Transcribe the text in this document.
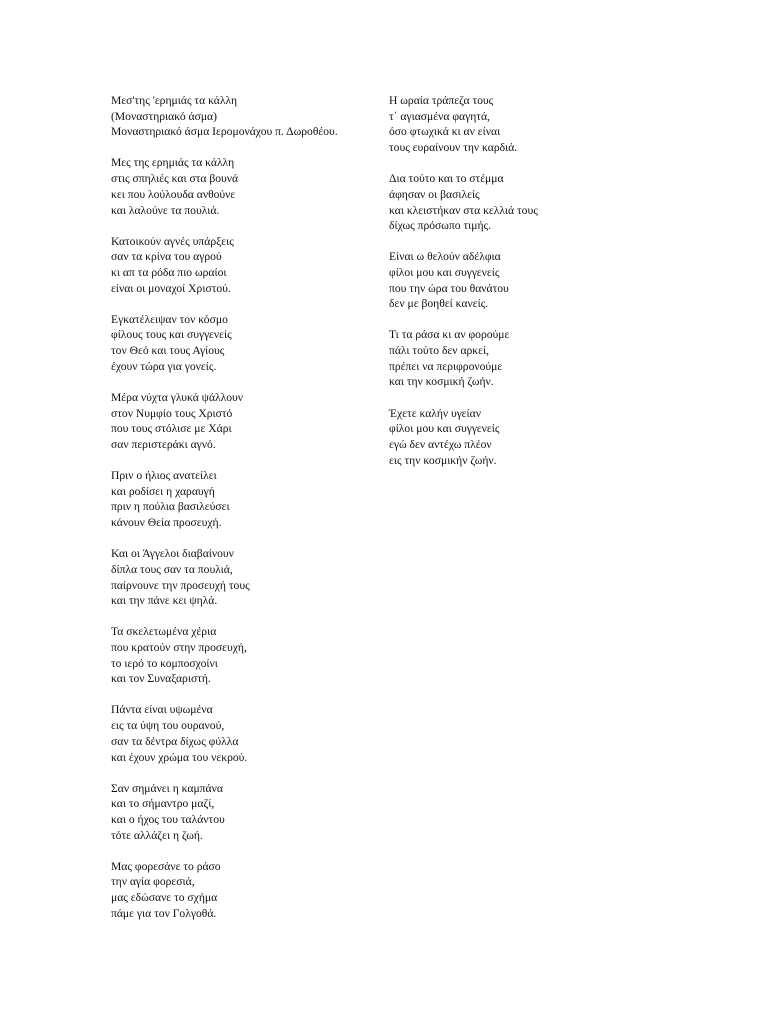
Μεσ'της 'ερημιάς τα κάλλη
(Μοναστηριακό άσμα)
Μοναστηριακό άσμα Ιερομονάχου π. Δωροθέου.
Μες της ερημιάς τα κάλλη
στις σπηλιές και στα βουνά
κει που λούλουδα ανθούνε
και λαλούνε τα πουλιά.
Κατοικούν αγνές υπάρξεις
σαν τα κρίνα του αγρού
κι απ τα ρόδα πιο ωραίοι
είναι οι μοναχοί Χριστού.
Εγκατέλειψαν τον κόσμο
φίλους τους και συγγενείς
τον Θεό και τους Αγίους
έχουν τώρα για γονείς.
Μέρα νύχτα γλυκά ψάλλουν
στον Νυμφίο τους Χριστό
που τους στόλισε με Χάρι
σαν περιστεράκι αγνό.
Πριν ο ήλιος ανατείλει
και ροδίσει η χαραυγή
πριν η πούλια βασιλεύσει
κάνουν Θεία προσευχή.
Και οι Άγγελοι διαβαίνουν
δίπλα τους σαν τα πουλιά,
παίρνουνε την προσευχή τους
και την πάνε κει ψηλά.
Τα σκελετωμένα χέρια
που κρατούν στην προσευχή,
το ιερό το κομποσχοίνι
και τον Συναξαριστή.
Πάντα είναι υψωμένα
εις τα ύψη του ουρανού,
σαν τα δέντρα δίχως φύλλα
και έχουν χρώμα του νεκρού.
Σαν σημάνει η καμπάνα
και το σήμαντρο μαζί,
και ο ήχος του ταλάντου
τότε αλλάζει η ζωή.
Μας φορεσάνε το ράσο
την αγία φορεσιά,
μας εδώσανε το σχήμα
πάμε για τον Γολγοθά.
Η ωραία τράπεζα τους
τ΄ αγιασμένα φαγητά,
όσο φτωχικά κι αν είναι
τους ευραίνουν την καρδιά.
Δια τούτο και το στέμμα
άφησαν οι βασιλείς
και κλειστήκαν στα κελλιά τους
δίχως πρόσωπο τιμής.
Είναι ω θελούν αδέλφια
φίλοι μου και συγγενείς
που την ώρα του θανάτου
δεν με βοηθεί κανείς.
Τι τα ράσα κι αν φορούμε
πάλι τούτο δεν αρκεί,
πρέπει να περιφρονούμε
και την κοσμική ζωήν.
Έχετε καλήν υγείαν
φίλοι μου και συγγενείς
εγώ δεν αντέχω πλέον
εις την κοσμικήν ζωήν.
